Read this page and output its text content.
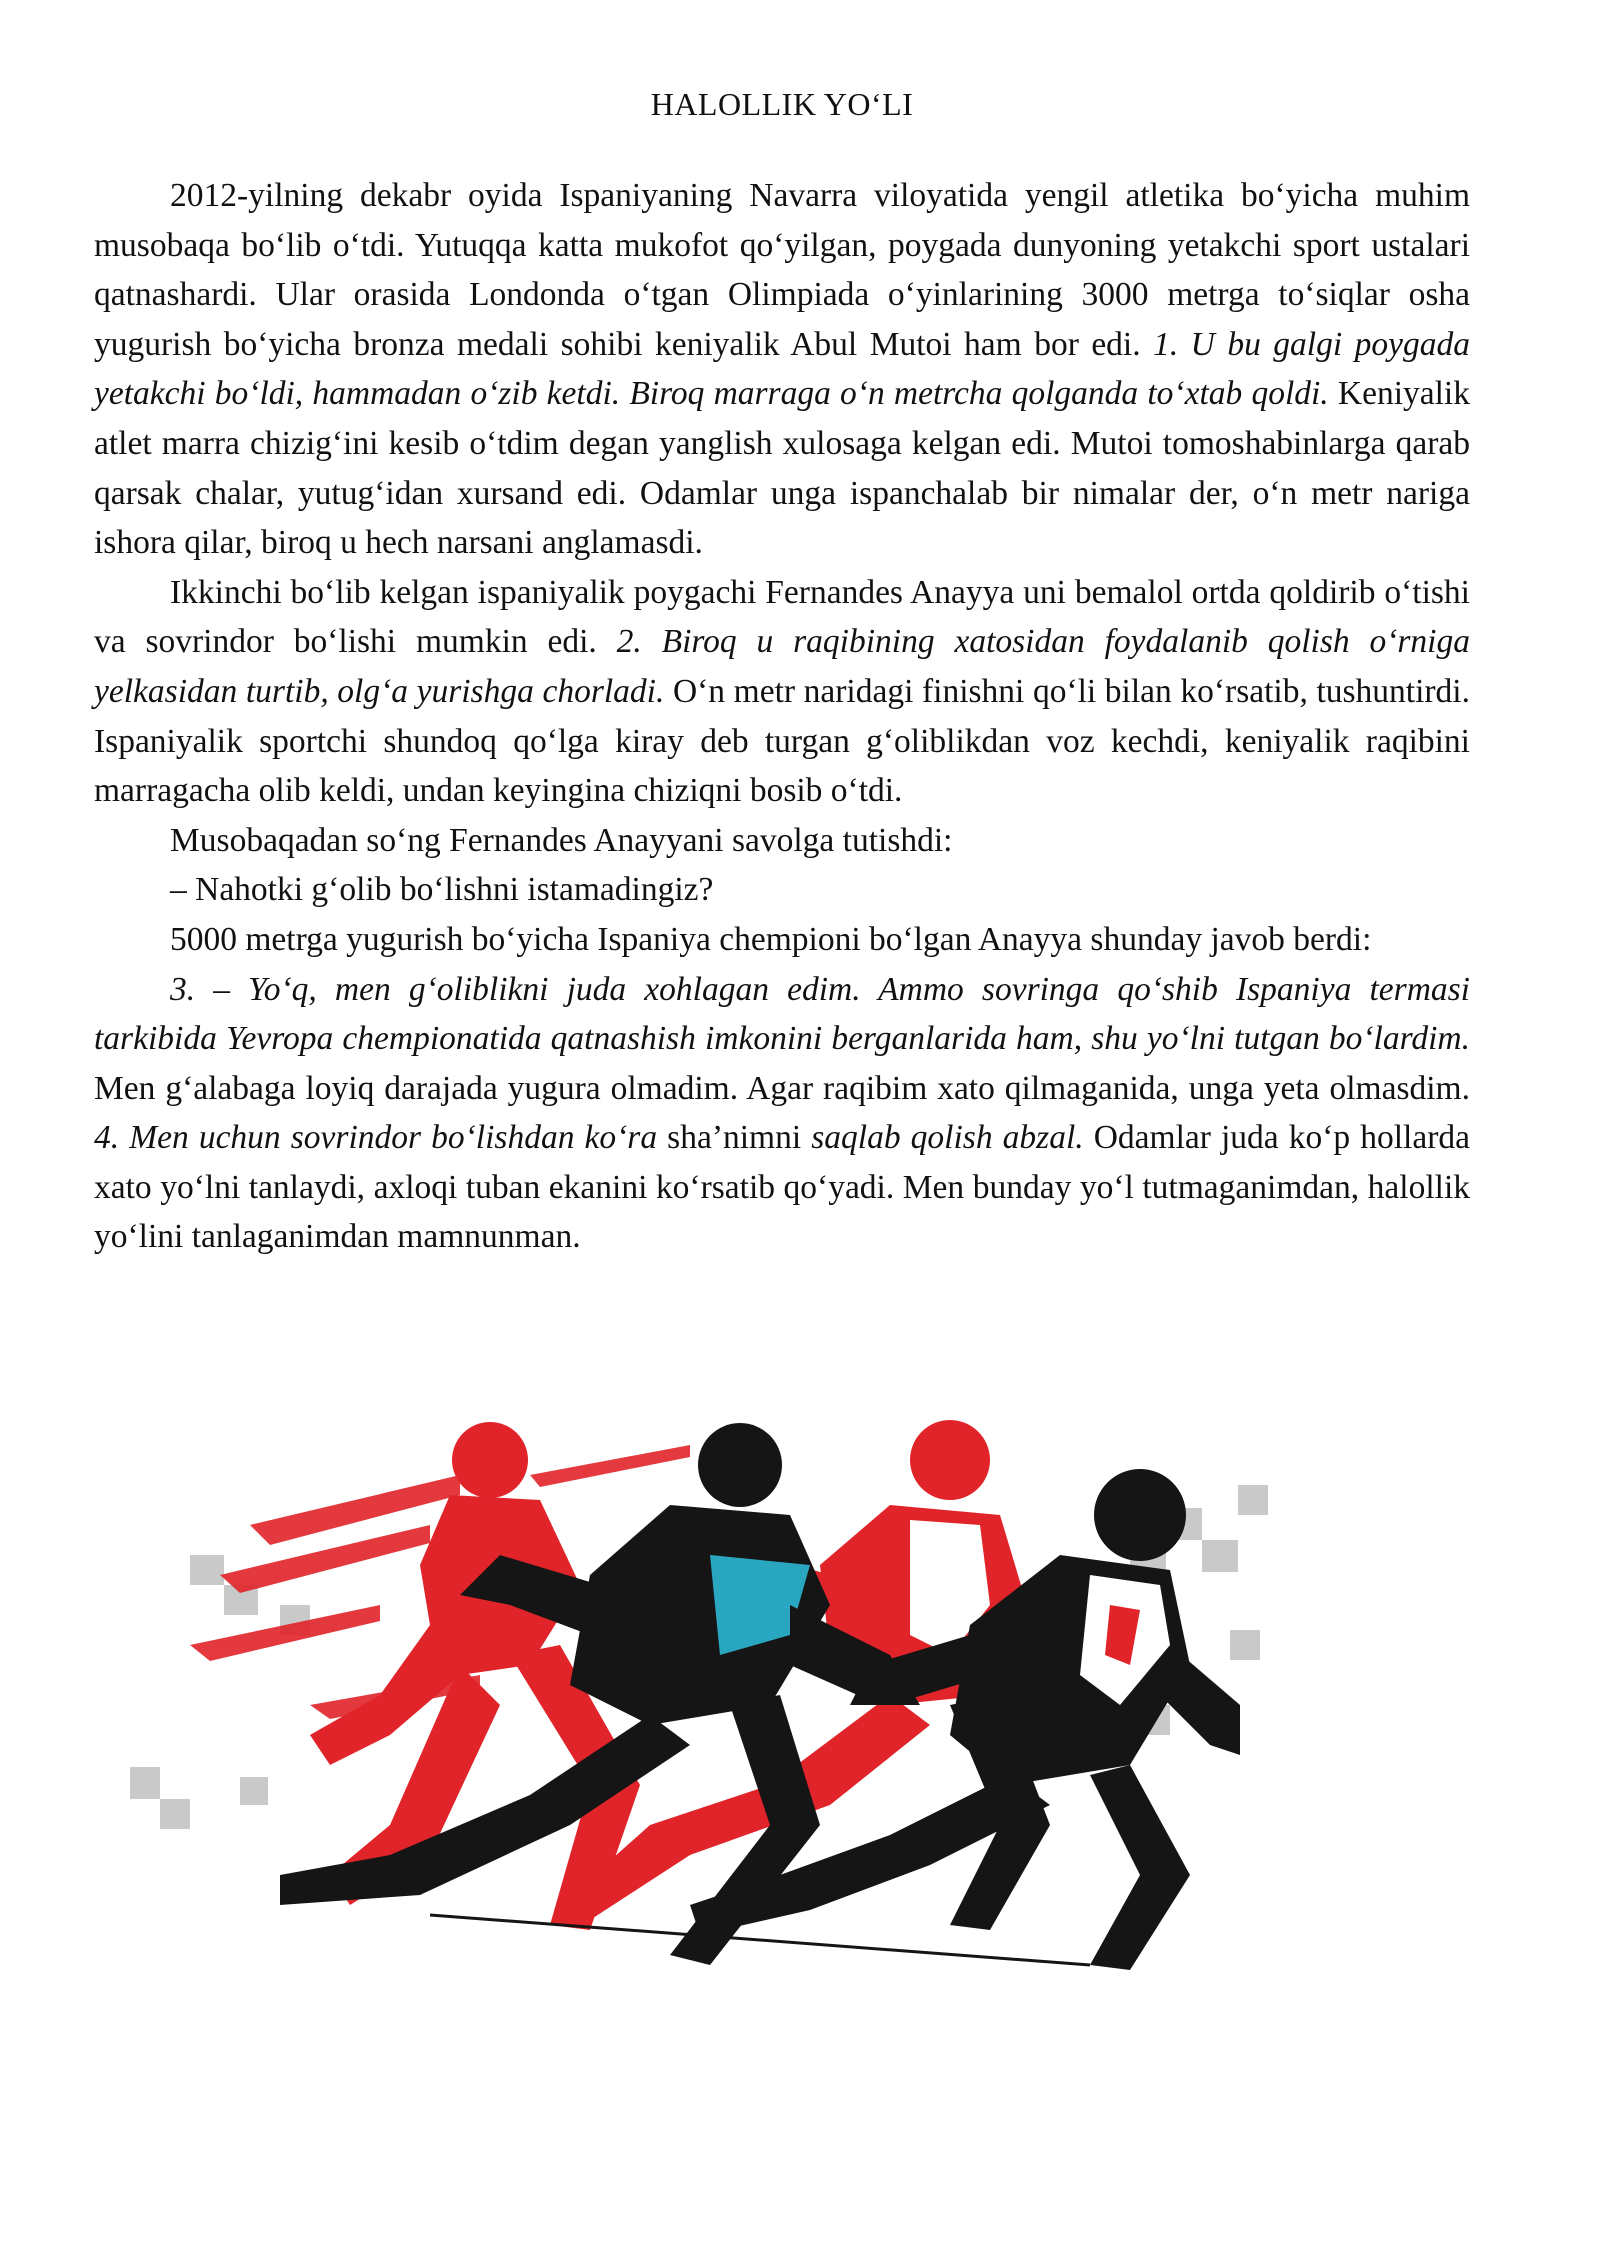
HALOLLIK YO‘LI

2012-yilning dekabr oyida Ispaniyaning Navarra viloyatida yengil atletika bo‘yicha muhim musobaqa bo‘lib o‘tdi. Yutuqqa katta mukofot qo‘yilgan, poygada dunyoning yetakchi sport ustalari qatnashardi. Ular orasida Londonda o‘tgan Olimpiada o‘yinlarining 3000 metrga to‘siqlar osha yugurish bo‘yicha bronza medali sohibi keniyalik Abul Mutoi ham bor edi. 1. U bu galgi poygada yetakchi bo‘ldi, hammadan o‘zib ketdi. Biroq marraga o‘n metrcha qolganda to‘xtab qoldi. Keniyalik atlet marra chizig‘ini kesib o‘tdim degan yanglish xulosaga kelgan edi. Mutoi tomoshabinlarga qarab qarsak chalar, yutug‘idan xursand edi. Odamlar unga ispanchalab bir nimalar der, o‘n metr nariga ishora qilar, biroq u hech narsani anglamasdi.

Ikkinchi bo‘lib kelgan ispaniyalik poygachi Fernandes Anayya uni bemalol ortda qoldirib o‘tishi va sovrindor bo‘lishi mumkin edi. 2. Biroq u raqibining xatosidan foydalanib qolish o‘rniga yelkasidan turtib, olg‘a yurishga chorladi. O‘n metr naridagi finishni qo‘li bilan ko‘rsatib, tushuntirdi. Ispaniyalik sportchi shundoq qo‘lga kiray deb turgan g‘oliblikdan voz kechdi, keniyalik raqibini marragacha olib keldi, undan keyingina chiziqni bosib o‘tdi.

Musobaqadan so‘ng Fernandes Anayyani savolga tutishdi:

– Nahotki g‘olib bo‘lishni istamadingiz?

5000 metrga yugurish bo‘yicha Ispaniya chempioni bo‘lgan Anayya shunday javob berdi:

3. – Yo‘q, men g‘oliblikni juda xohlagan edim. Ammo sovringa qo‘shib Ispaniya termasi tarkibida Yevropa chempionatida qatnashish imkonini berganlarida ham, shu yo‘lni tutgan bo‘lardim. Men g‘alabaga loyiq darajada yugura olmadim. Agar raqibim xato qilmaganida, unga yeta olmasdim. 4. Men uchun sovrindor bo‘lishdan ko‘ra sha’nimni saqlab qolish abzal. Odamlar juda ko‘p hollarda xato yo‘lni tanlaydi, axloqi tuban ekanini ko‘rsatib qo‘yadi. Men bunday yo‘l tutmaganimdan, halollik yo‘lini tanlaganimdan mamnunman.
